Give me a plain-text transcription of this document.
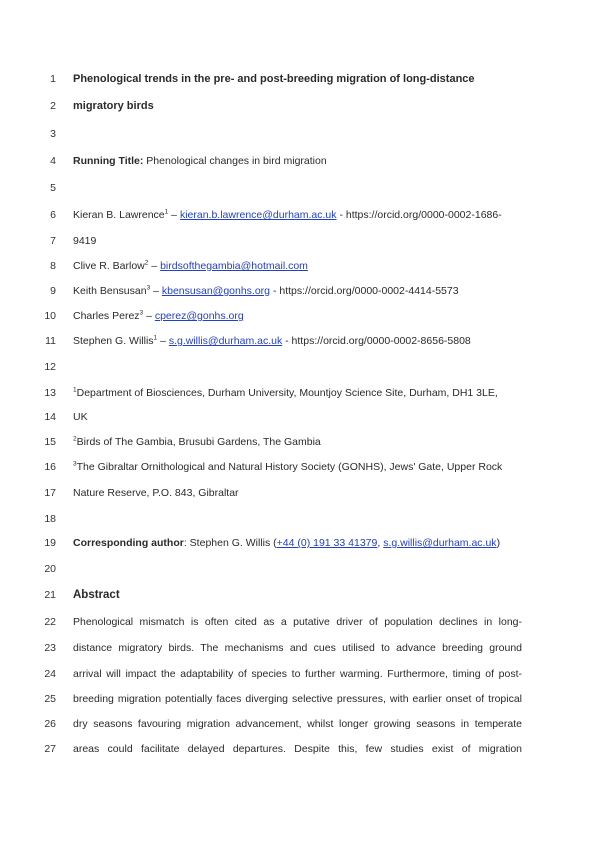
1
2
3
4
5
6
7
8
9
10
11
12
13
14
15
16
17
18
19
20
21
22
23
24
25
26
27
Phenological trends in the pre- and post-breeding migration of long-distance
migratory birds
Running Title: Phenological changes in bird migration
Kieran B. Lawrence$^1$ – kieran.b.lawrence@durham.ac.uk - https://orcid.org/0000-0002-1686-
9419
Clive R. Barlow$^2$ – birdsofthegambia@hotmail.com
Keith Bensusan$^3$ – kbensusan@gonhs.org - https://orcid.org/0000-0002-4414-5573
Charles Perez$^3$ – cperez@gonhs.org
Stephen G. Willis$^1$ – s.g.willis@durham.ac.uk - https://orcid.org/0000-0002-8656-5808
$^1$Department of Biosciences, Durham University, Mountjoy Science Site, Durham, DH1 3LE,
UK
$^2$Birds of The Gambia, Brusubi Gardens, The Gambia
$^3$The Gibraltar Ornithological and Natural History Society (GONHS), Jews' Gate, Upper Rock
Nature Reserve, P.O. 843, Gibraltar
Corresponding author: Stephen G. Willis (+44 (0) 191 33 41379, s.g.willis@durham.ac.uk)
Abstract
Phenological mismatch is often cited as a putative driver of population declines in long-
distance migratory birds. The mechanisms and cues utilised to advance breeding ground
arrival will impact the adaptability of species to further warming. Furthermore, timing of post-
breeding migration potentially faces diverging selective pressures, with earlier onset of tropical
dry seasons favouring migration advancement, whilst longer growing seasons in temperate
areas could facilitate delayed departures. Despite this, few studies exist of migration
